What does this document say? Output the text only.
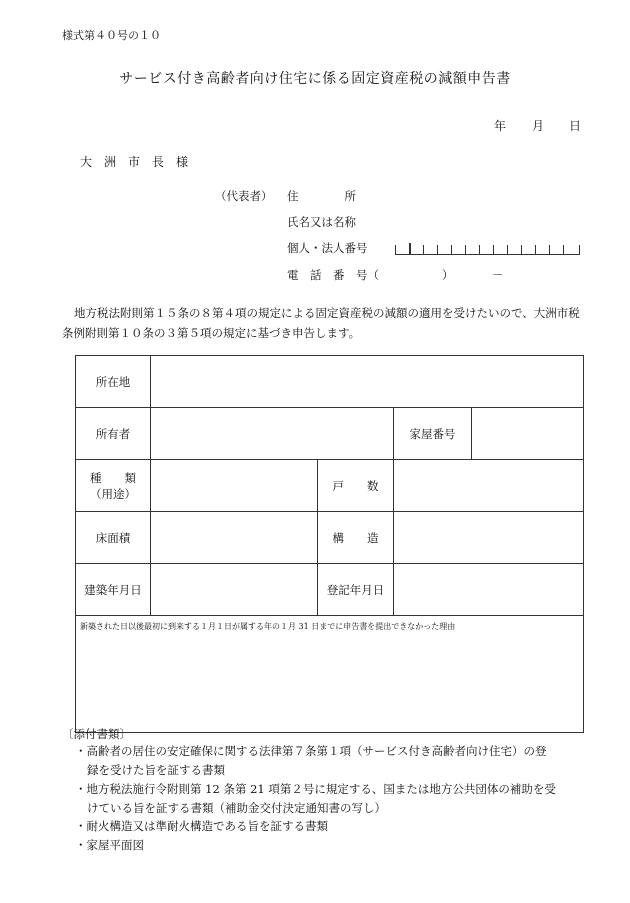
様式第４０号の１０
サービス付き高齢者向け住宅に係る固定資産税の減額申告書
年 月 日
大　洲　市　長　様
（代表者） 住　　　　所
氏名又は名称
個人・法人番号
電　話　番　号（	）	－
地方税法附則第１５条の８第４項の規定による固定資産税の減額の適用を受けたいので、大洲市税条例附則第１０条の３第５項の規定に基づき申告します。
所在地				
所有者			家屋番号	

種　　類
（用途）		戸　　数		
床面積		構　　造		
建築年月日		登記年月日		
新築された日以後最初に到来する１月１日が属する年の１月 31 日までに申告書を提出できなかった理由				
〔添付書類〕
・高齢者の居住の安定確保に関する法律第７条第１項（サービス付き高齢者向け住宅）の登
録を受けた旨を証する書類
・地方税法施行令附則第 12 条第 21 項第２号に規定する、国または地方公共団体の補助を受
けている旨を証する書類（補助金交付決定通知書の写し）
・耐火構造又は準耐火構造である旨を証する書類
・家屋平面図
